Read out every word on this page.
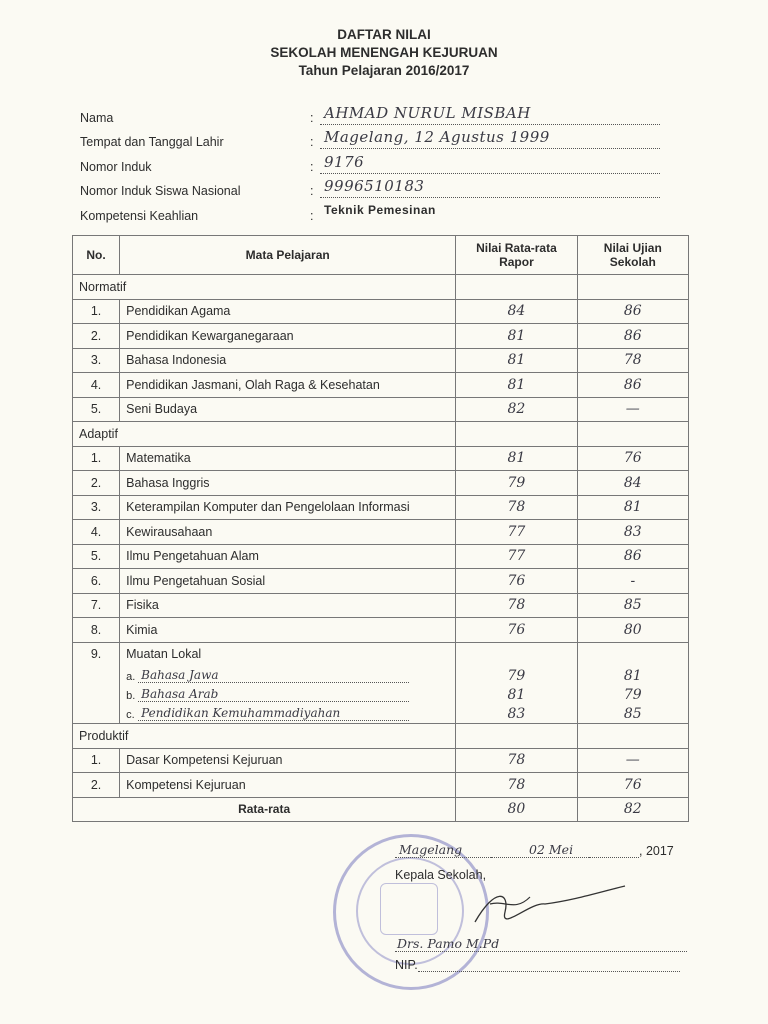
DAFTAR NILAI
SEKOLAH MENENGAH KEJURUAN
Tahun Pelajaran 2016/2017
Nama	: AHMAD NURUL MISBAH
Tempat dan Tanggal Lahir	: Magelang, 12 Agustus 1999
Nomor Induk	: 9176
Nomor Induk Siswa Nasional	: 9996510183
Kompetensi Keahlian	: Teknik Pemesinan
No.	Mata Pelajaran	Nilai Rata-rata Rapor	Nilai Ujian Sekolah
Normatif			
1.	Pendidikan Agama	84	86
2.	Pendidikan Kewarganegaraan	81	86
3.	Bahasa Indonesia	81	78
4.	Pendidikan Jasmani, Olah Raga & Kesehatan	81	86
5.	Seni Budaya	82	—
Adaptif			
1.	Matematika	81	76
2.	Bahasa Inggris	79	84
3.	Keterampilan Komputer dan Pengelolaan Informasi	78	81
4.	Kewirausahaan	77	83
5.	Ilmu Pengetahuan Alam	77	86
6.	Ilmu Pengetahuan Sosial	76	-
7.	Fisika	78	85
8.	Kimia	76	80
9.	Muatan Lokal		

	a. Bahasa Jawa	79	81

	b. Bahasa Arab	81	79

	c. Pendidikan Kemuhammadiyahan	83	85
Produktif			
1.	Dasar Kompetensi Kejuruan	78	—
2.	Kompetensi Kejuruan	78	76
Rata-rata		80	82
Magelang	02 Mei	, 2017
Kepala Sekolah,
Drs. Pamo M.Pd
NIP.
